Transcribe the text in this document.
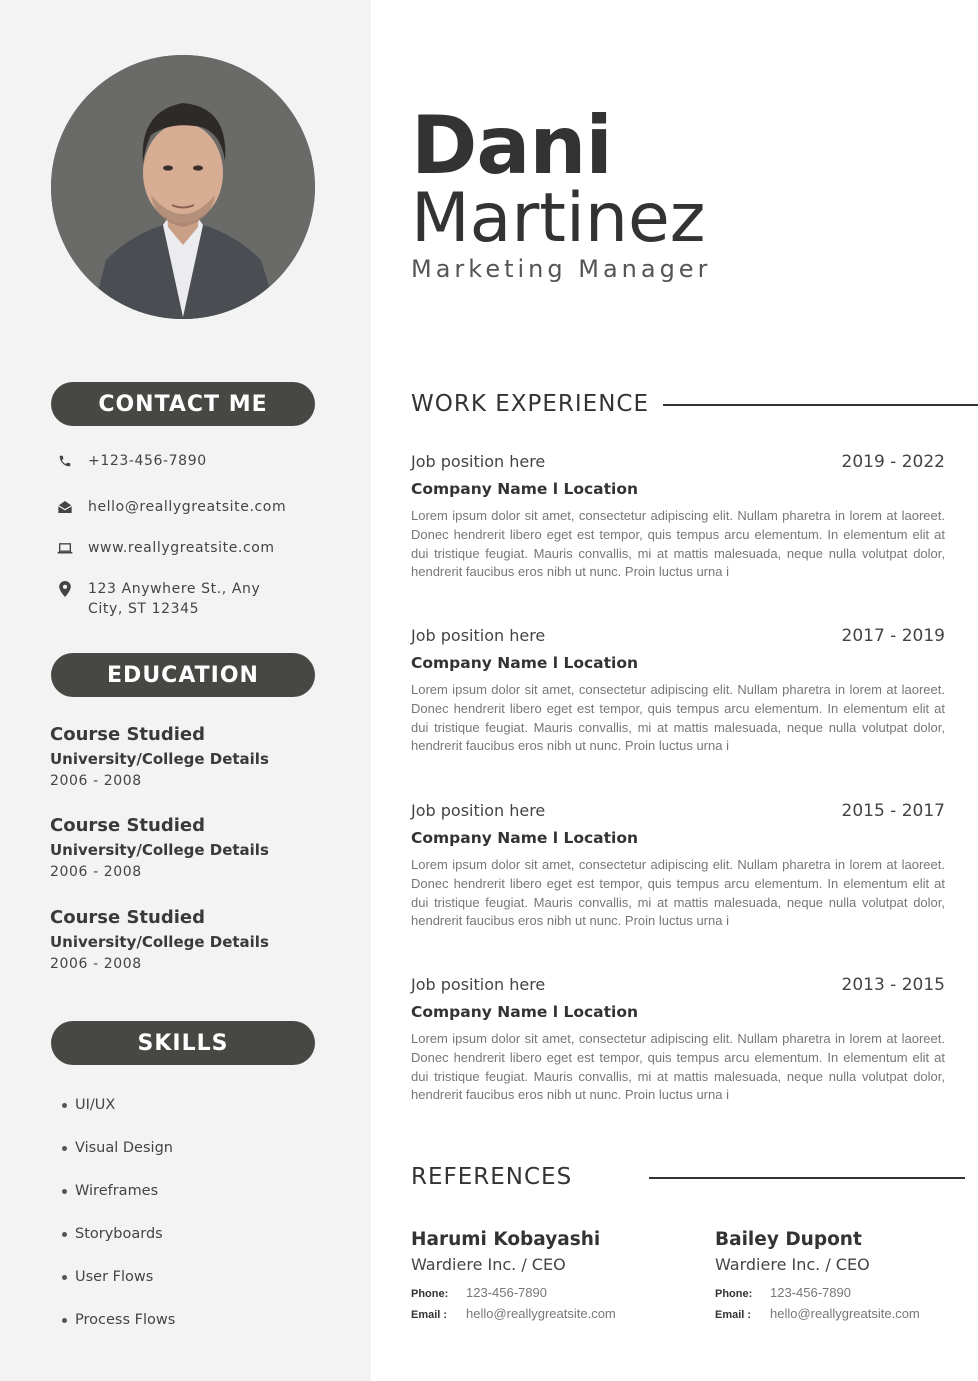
CONTACT ME
+123-456-7890
hello@reallygreatsite.com
www.reallygreatsite.com
123 Anywhere St., Any City, ST 12345
EDUCATION
Course Studied
University/College Details
2006 - 2008
Course Studied
University/College Details
2006 - 2008
Course Studied
University/College Details
2006 - 2008
SKILLS
UI/UX
Visual Design
Wireframes
Storyboards
User Flows
Process Flows
Dani
Martinez
Marketing Manager
WORK EXPERIENCE
Job position here	2019 - 2022
Company Name l Location
Lorem ipsum dolor sit amet, consectetur adipiscing elit. Nullam pharetra in lorem at laoreet. Donec hendrerit libero eget est tempor, quis tempus arcu elementum. In elementum elit at dui tristique feugiat. Mauris convallis, mi at mattis malesuada, neque nulla volutpat dolor, hendrerit faucibus eros nibh ut nunc. Proin luctus urna i
Job position here	2017 - 2019
Company Name l Location
Lorem ipsum dolor sit amet, consectetur adipiscing elit. Nullam pharetra in lorem at laoreet. Donec hendrerit libero eget est tempor, quis tempus arcu elementum. In elementum elit at dui tristique feugiat. Mauris convallis, mi at mattis malesuada, neque nulla volutpat dolor, hendrerit faucibus eros nibh ut nunc. Proin luctus urna i
Job position here	2015 - 2017
Company Name l Location
Lorem ipsum dolor sit amet, consectetur adipiscing elit. Nullam pharetra in lorem at laoreet. Donec hendrerit libero eget est tempor, quis tempus arcu elementum. In elementum elit at dui tristique feugiat. Mauris convallis, mi at mattis malesuada, neque nulla volutpat dolor, hendrerit faucibus eros nibh ut nunc. Proin luctus urna i
Job position here	2013 - 2015
Company Name l Location
Lorem ipsum dolor sit amet, consectetur adipiscing elit. Nullam pharetra in lorem at laoreet. Donec hendrerit libero eget est tempor, quis tempus arcu elementum. In elementum elit at dui tristique feugiat. Mauris convallis, mi at mattis malesuada, neque nulla volutpat dolor, hendrerit faucibus eros nibh ut nunc. Proin luctus urna i
REFERENCES
Harumi Kobayashi
Wardiere Inc. / CEO
Phone:	123-456-7890
Email :	hello@reallygreatsite.com
Bailey Dupont
Wardiere Inc. / CEO
Phone:	123-456-7890
Email :	hello@reallygreatsite.com
